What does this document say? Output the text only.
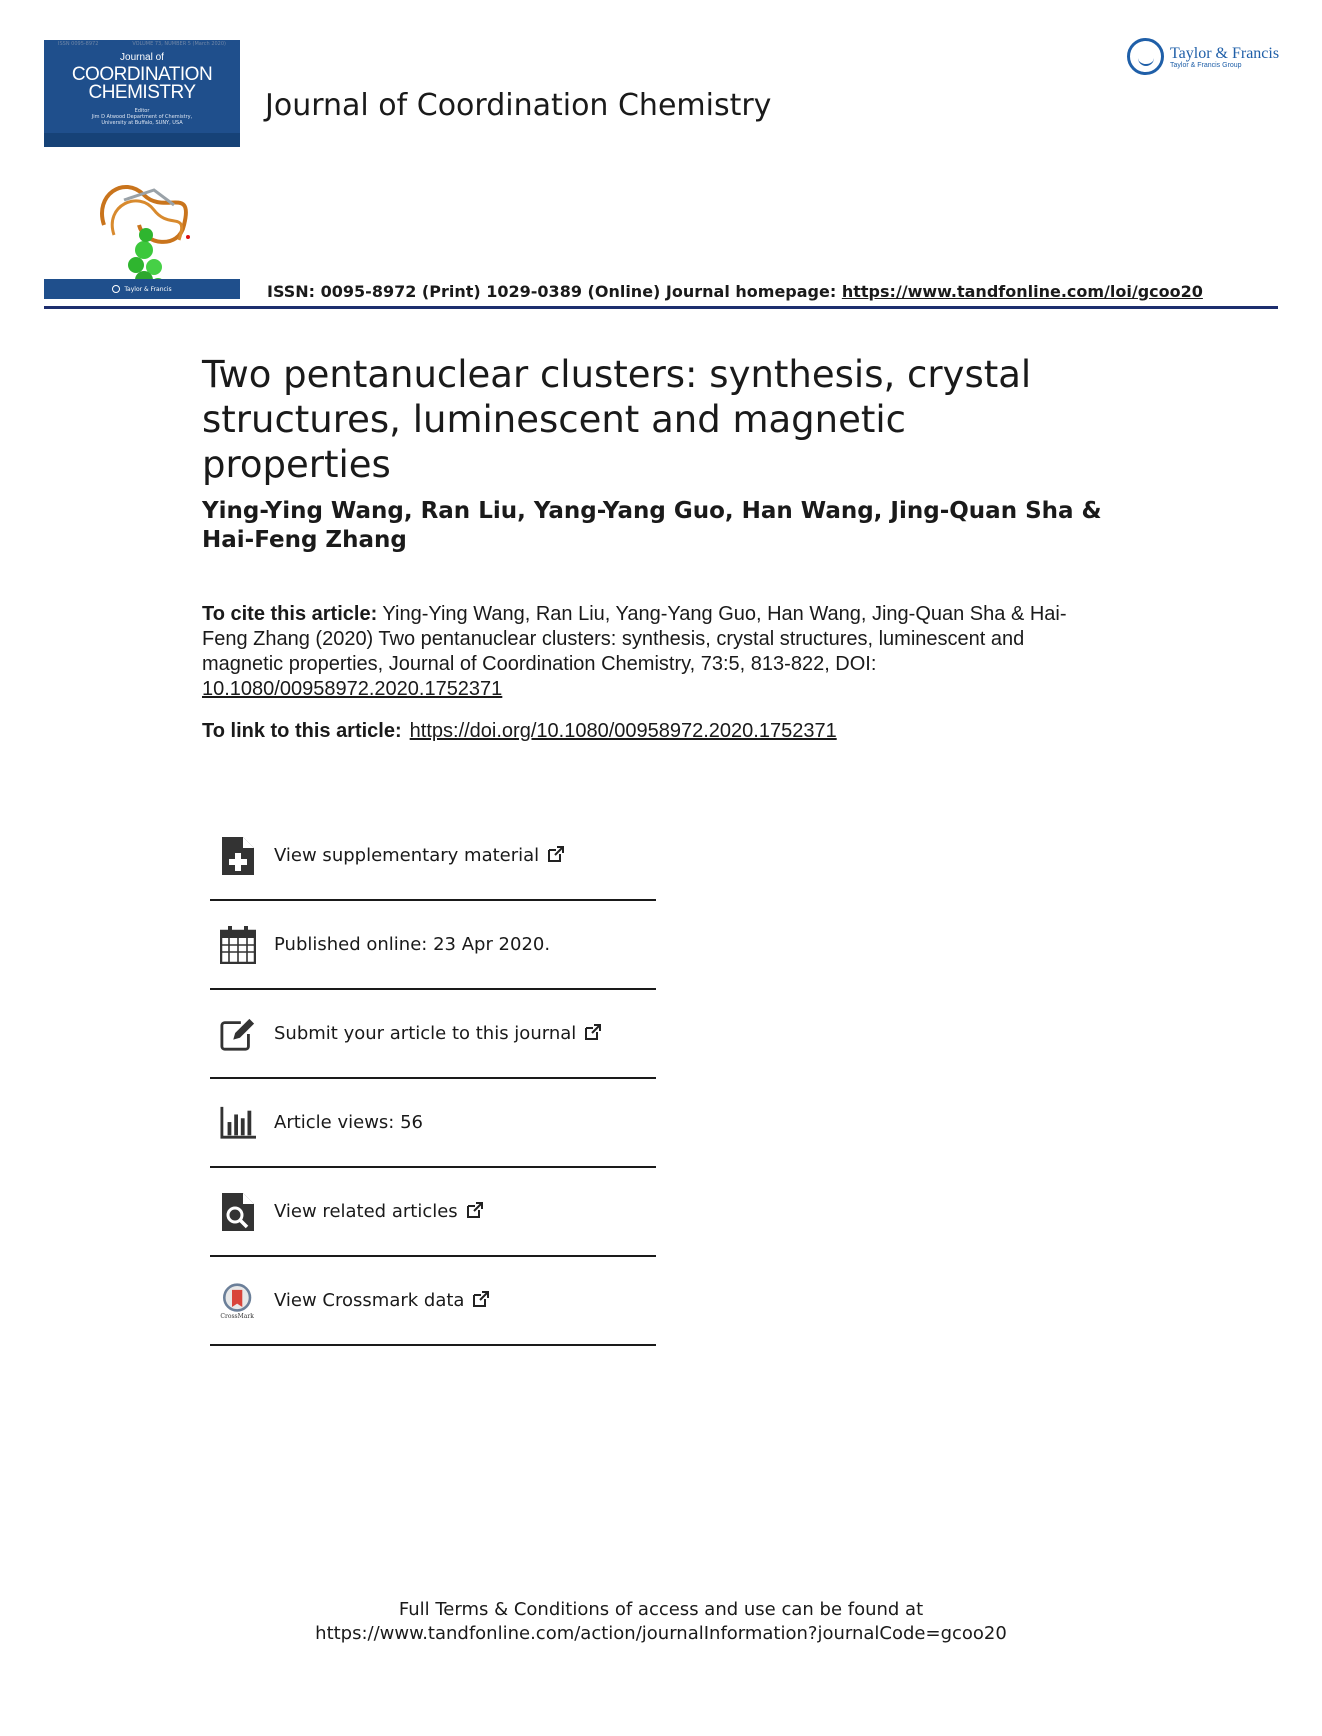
ISSN 0095-8972	VOLUME 73, NUMBER 5 (March 2020)
Journal of
COORDINATION
CHEMISTRY
Editor
Jim D Atwood Department of Chemistry,
University at Buffalo, SUNY, USA
Taylor & Francis
Journal of Coordination Chemistry
Taylor & Francis
Taylor & Francis Group
ISSN: 0095-8972 (Print) 1029-0389 (Online) Journal homepage: https://www.tandfonline.com/loi/gcoo20
Two pentanuclear clusters: synthesis, crystal structures, luminescent and magnetic properties
Ying-Ying Wang, Ran Liu, Yang-Yang Guo, Han Wang, Jing-Quan Sha & Hai-Feng Zhang
To cite this article: Ying-Ying Wang, Ran Liu, Yang-Yang Guo, Han Wang, Jing-Quan Sha & Hai-Feng Zhang (2020) Two pentanuclear clusters: synthesis, crystal structures, luminescent and magnetic properties, Journal of Coordination Chemistry, 73:5, 813-822, DOI: 10.1080/00958972.2020.1752371
To link to this article: https://doi.org/10.1080/00958972.2020.1752371
View supplementary material
Published online: 23 Apr 2020.
Submit your article to this journal
Article views: 56
View related articles
CrossMark
View Crossmark data
Full Terms & Conditions of access and use can be found at
https://www.tandfonline.com/action/journalInformation?journalCode=gcoo20
